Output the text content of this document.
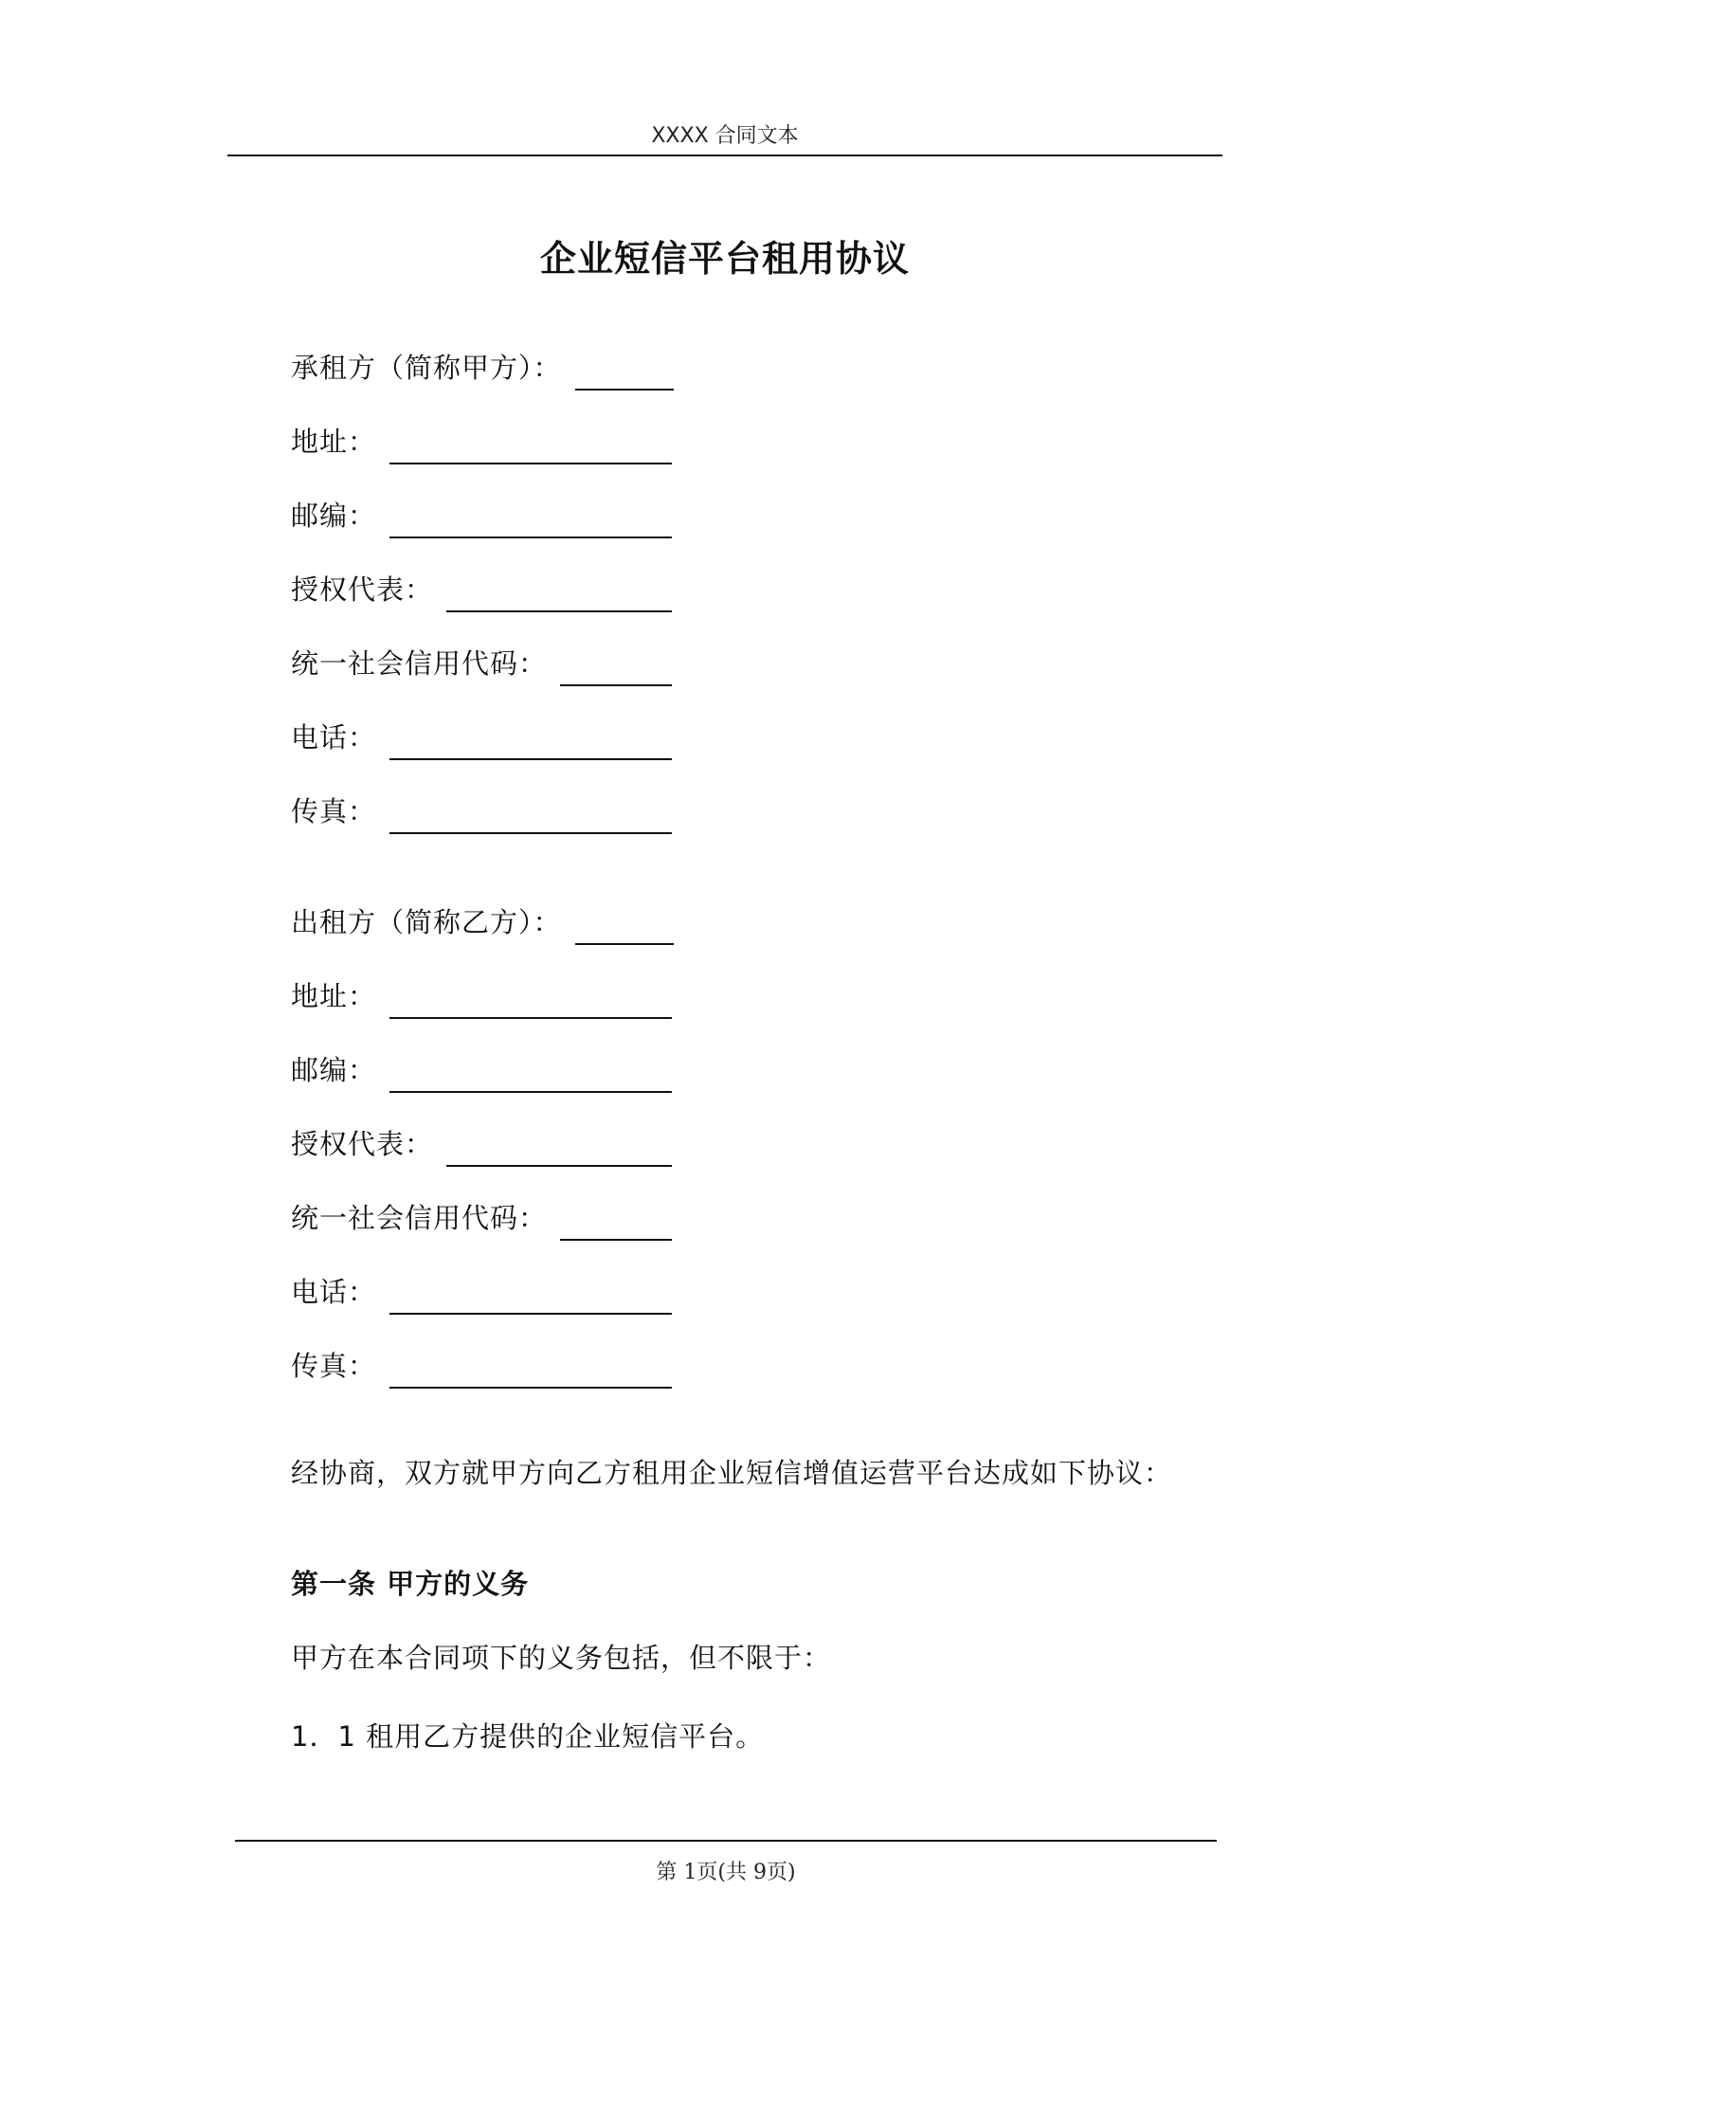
XXXX 合同文本
企业短信平台租用协议
承租方（简称甲方）：
地址：
邮编：
授权代表：
统一社会信用代码：
电话：
传真：
出租方（简称乙方）：
地址：
邮编：
授权代表：
统一社会信用代码：
电话：
传真：
经协商，双方就甲方向乙方租用企业短信增值运营平台达成如下协议：
第一条 甲方的义务
甲方在本合同项下的义务包括，但不限于：
1．1 租用乙方提供的企业短信平台。
第 1页(共 9页)
